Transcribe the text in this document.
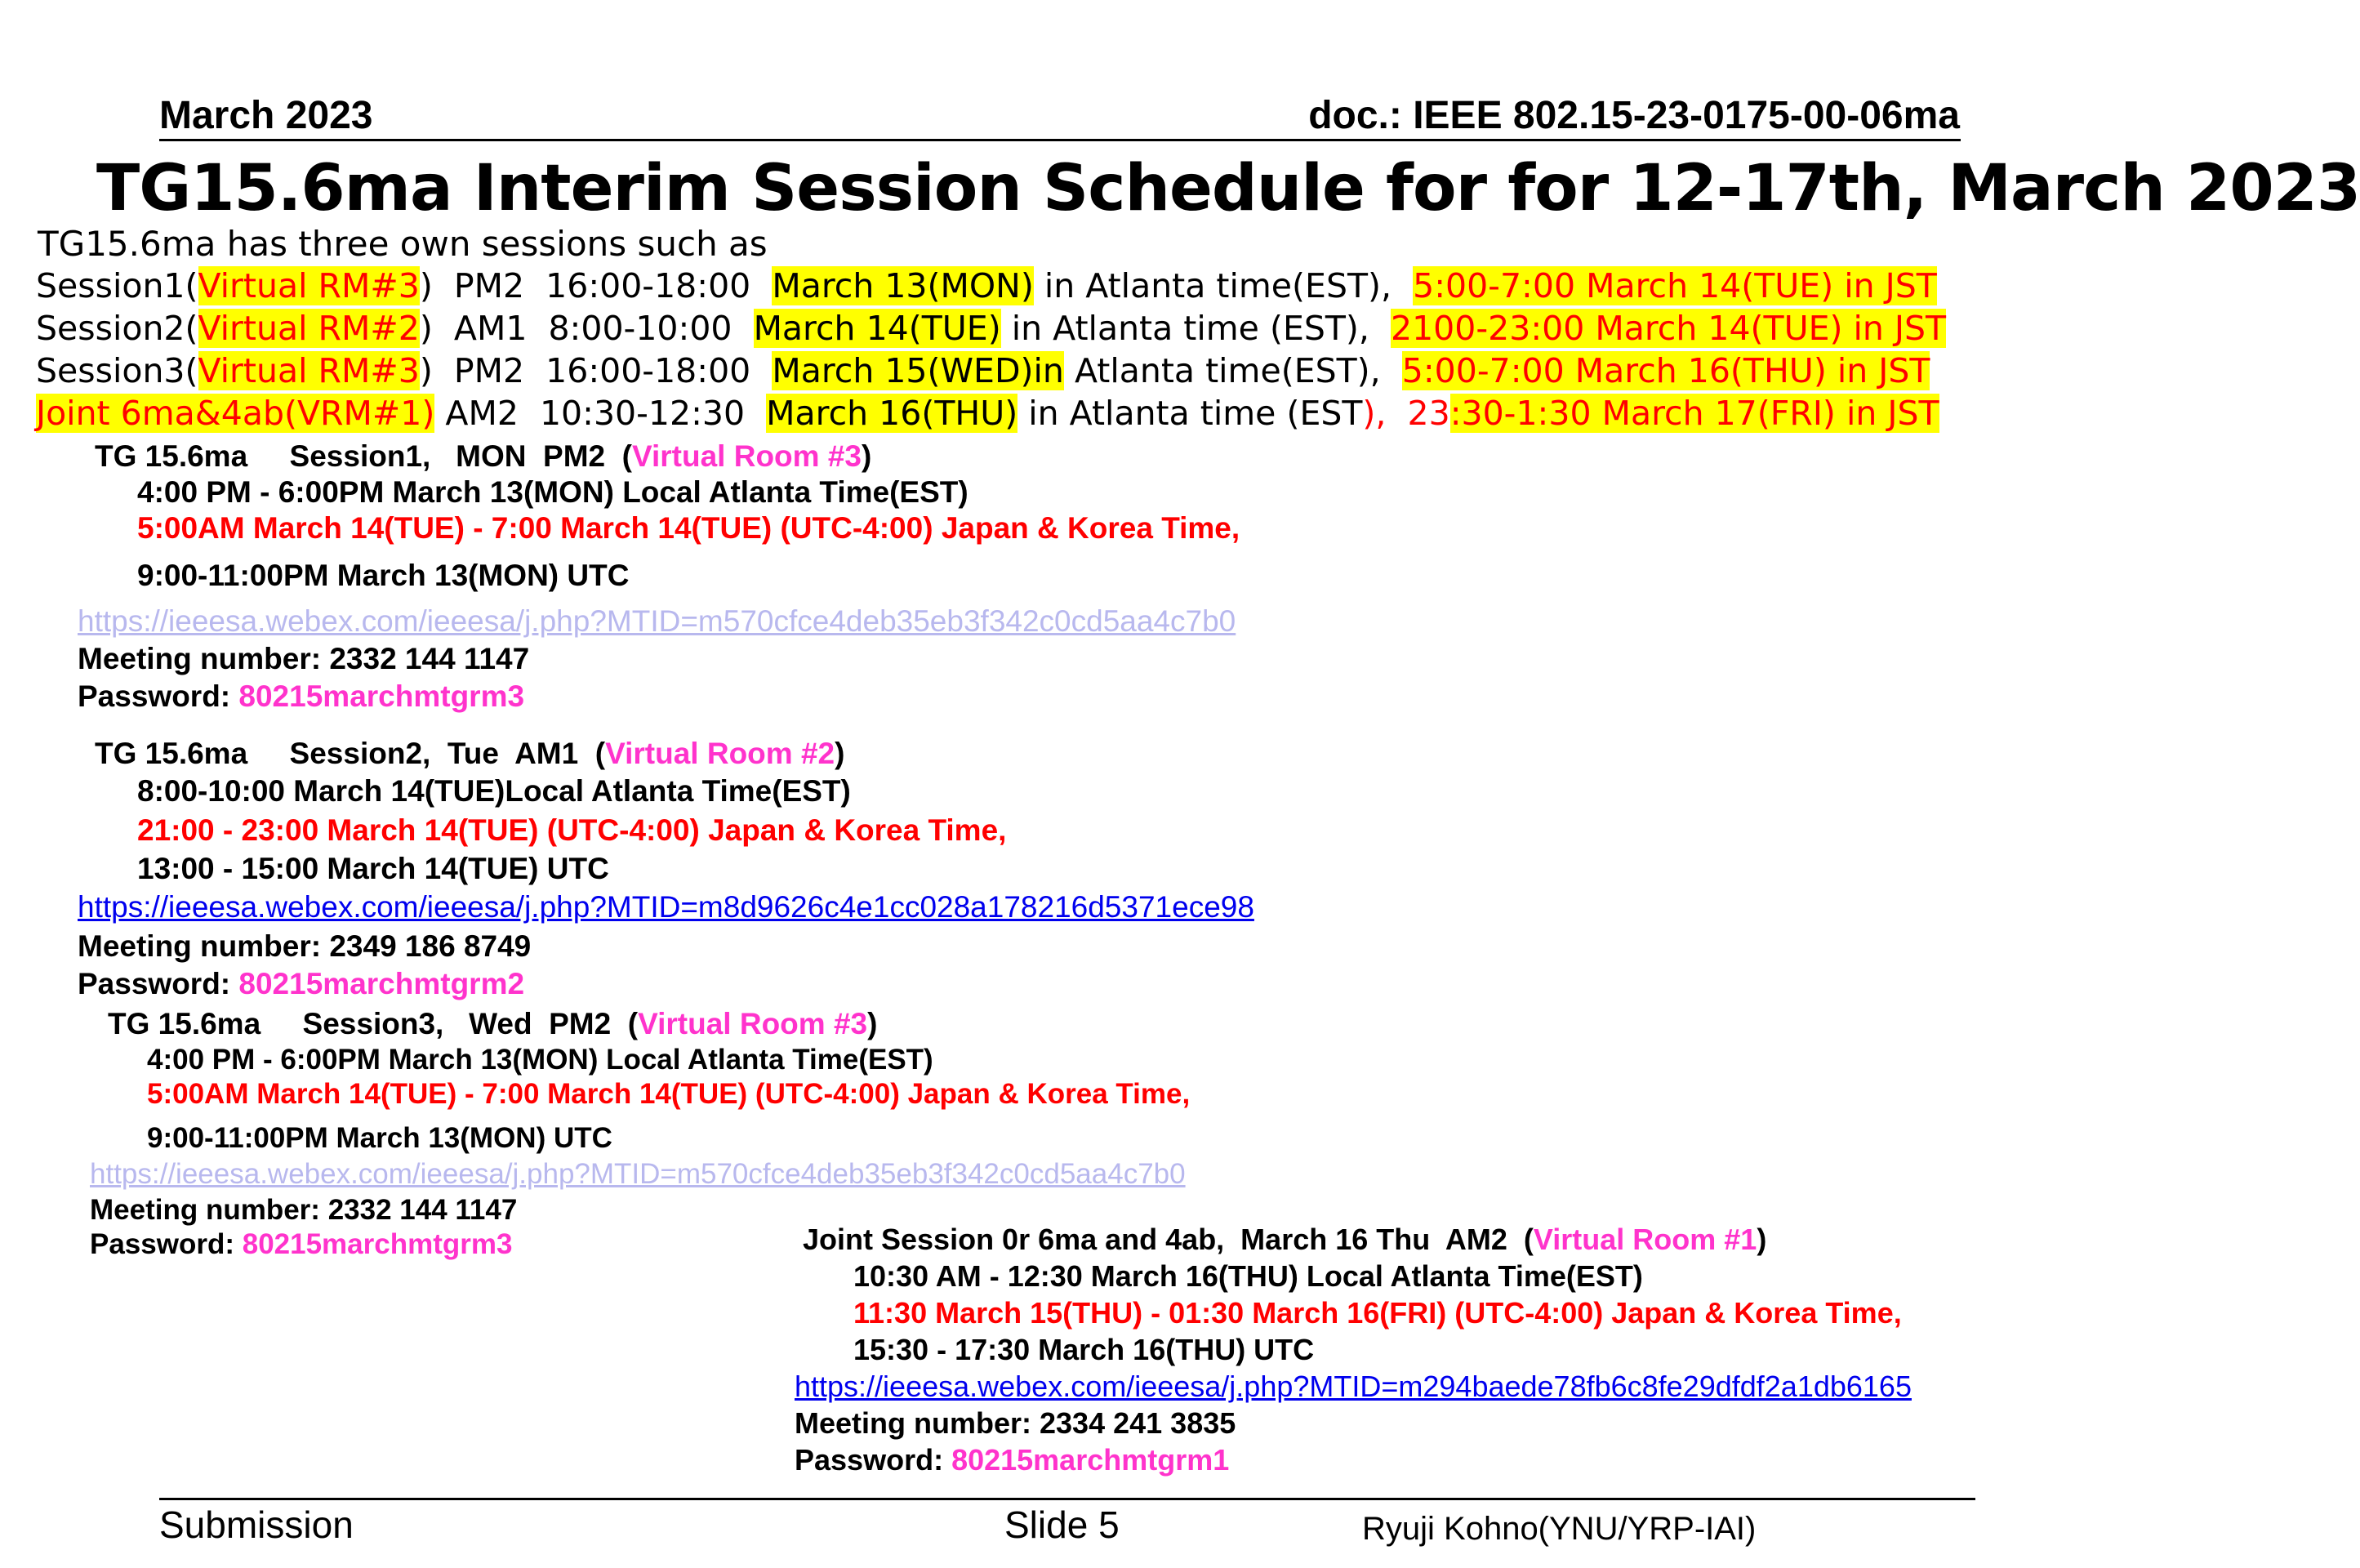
March 2023	doc.: IEEE 802.15-23-0175-00-06ma
TG15.6ma Interim Session Schedule for for 12-17th, March 2023
TG15.6ma has three own sessions such as
Session1(Virtual RM#3)  PM2  16:00-18:00  March 13(MON) in Atlanta time(EST),  5:00-7:00 March 14(TUE) in JST
Session2(Virtual RM#2)  AM1  8:00-10:00  March 14(TUE) in Atlanta time (EST),  2100-23:00 March 14(TUE) in JST
Session3(Virtual RM#3)  PM2  16:00-18:00  March 15(WED)in Atlanta time(EST),  5:00-7:00 March 16(THU) in JST
Joint 6ma&4ab(VRM#1) AM2  10:30-12:30  March 16(THU) in Atlanta time (EST),  23:30-1:30 March 17(FRI) in JST
TG 15.6ma     Session1,   MON  PM2  (Virtual Room #3)
4:00 PM - 6:00PM March 13(MON) Local Atlanta Time(EST)
5:00AM March 14(TUE) - 7:00 March 14(TUE) (UTC-4:00) Japan & Korea Time,
9:00-11:00PM March 13(MON) UTC
https://ieeesa.webex.com/ieeesa/j.php?MTID=m570cfce4deb35eb3f342c0cd5aa4c7b0
Meeting number: 2332 144 1147
Password: 80215marchmtgrm3
TG 15.6ma     Session2,  Tue  AM1  (Virtual Room #2)
8:00-10:00 March 14(TUE)Local Atlanta Time(EST)
21:00 - 23:00 March 14(TUE) (UTC-4:00) Japan & Korea Time,
13:00 - 15:00 March 14(TUE) UTC
https://ieeesa.webex.com/ieeesa/j.php?MTID=m8d9626c4e1cc028a178216d5371ece98
Meeting number: 2349 186 8749
Password: 80215marchmtgrm2
TG 15.6ma     Session3,   Wed  PM2  (Virtual Room #3)
4:00 PM - 6:00PM March 13(MON) Local Atlanta Time(EST)
5:00AM March 14(TUE) - 7:00 March 14(TUE) (UTC-4:00) Japan & Korea Time,
9:00-11:00PM March 13(MON) UTC
https://ieeesa.webex.com/ieeesa/j.php?MTID=m570cfce4deb35eb3f342c0cd5aa4c7b0
Meeting number: 2332 144 1147
Password: 80215marchmtgrm3	Joint Session 0r 6ma and 4ab,  March 16 Thu  AM2  (Virtual Room #1)
10:30 AM - 12:30 March 16(THU) Local Atlanta Time(EST)
11:30 March 15(THU) - 01:30 March 16(FRI) (UTC-4:00) Japan & Korea Time,
15:30 - 17:30 March 16(THU) UTC
https://ieeesa.webex.com/ieeesa/j.php?MTID=m294baede78fb6c8fe29dfdf2a1db6165
Meeting number: 2334 241 3835
Password: 80215marchmtgrm1
Submission	Slide 5	Ryuji Kohno(YNU/YRP-IAI)
